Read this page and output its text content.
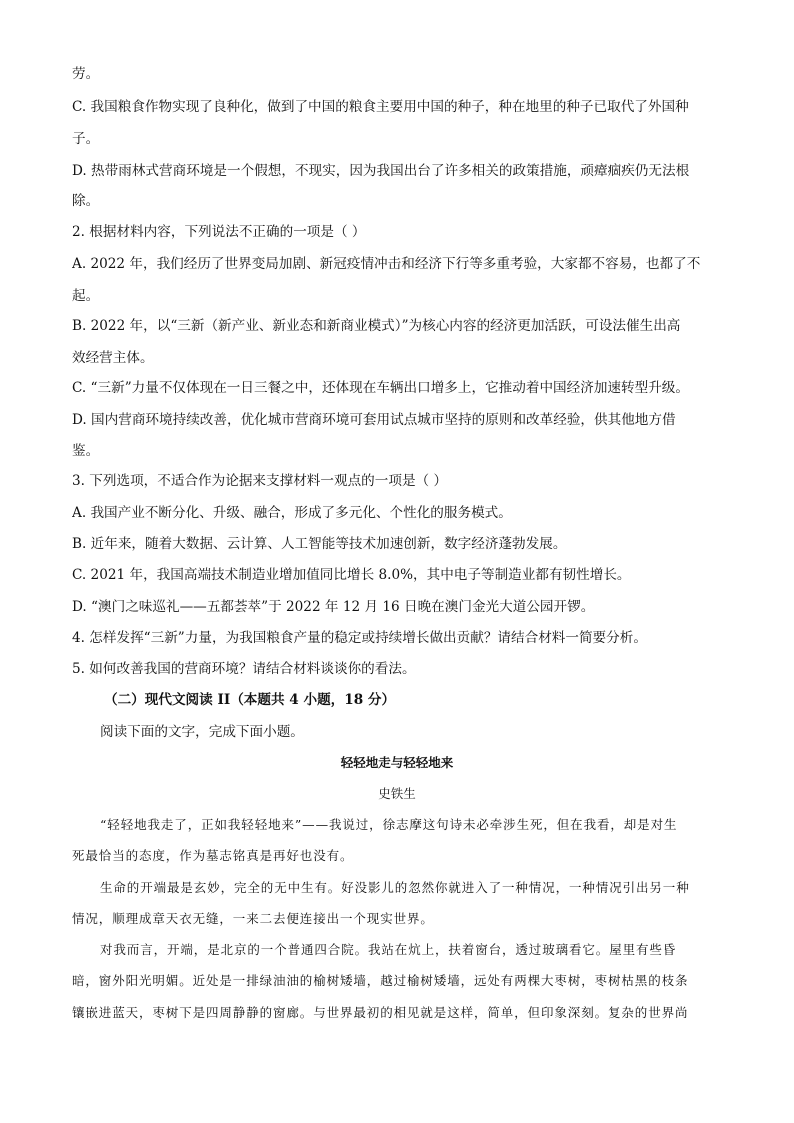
劳。
C. 我国粮食作物实现了良种化，做到了中国的粮食主要用中国的种子，种在地里的种子已取代了外国种
子。
D. 热带雨林式营商环境是一个假想，不现实，因为我国出台了许多相关的政策措施，顽瘴痼疾仍无法根
除。
2. 根据材料内容，下列说法不正确的一项是（ ）
A. 2022 年，我们经历了世界变局加剧、新冠疫情冲击和经济下行等多重考验，大家都不容易，也都了不
起。
B. 2022 年，以“三新（新产业、新业态和新商业模式）”为核心内容的经济更加活跃，可设法催生出高
效经营主体。
C. “三新”力量不仅体现在一日三餐之中，还体现在车辆出口增多上，它推动着中国经济加速转型升级。
D. 国内营商环境持续改善，优化城市营商环境可套用试点城市坚持的原则和改革经验，供其他地方借
鉴。
3. 下列选项，不适合作为论据来支撑材料一观点的一项是（ ）
A. 我国产业不断分化、升级、融合，形成了多元化、个性化的服务模式。
B. 近年来，随着大数据、云计算、人工智能等技术加速创新，数字经济蓬勃发展。
C. 2021 年，我国高端技术制造业增加值同比增长 8.0%，其中电子等制造业都有韧性增长。
D. “澳门之味巡礼——五都荟萃”于 2022 年 12 月 16 日晚在澳门金光大道公园开锣。
4. 怎样发挥“三新”力量，为我国粮食产量的稳定或持续增长做出贡献？请结合材料一简要分析。
5. 如何改善我国的营商环境？请结合材料谈谈你的看法。
（二）现代文阅读 II（本题共 4 小题，18 分）
阅读下面的文字，完成下面小题。
轻轻地走与轻轻地来
史铁生
“轻轻地我走了，正如我轻轻地来”——我说过，徐志摩这句诗未必牵涉生死，但在我看，却是对生
死最恰当的态度，作为墓志铭真是再好也没有。
生命的开端最是玄妙，完全的无中生有。好没影儿的忽然你就进入了一种情况，一种情况引出另一种
情况，顺理成章天衣无缝，一来二去便连接出一个现实世界。
对我而言，开端，是北京的一个普通四合院。我站在炕上，扶着窗台，透过玻璃看它。屋里有些昏
暗，窗外阳光明媚。近处是一排绿油油的榆树矮墙，越过榆树矮墙，远处有两棵大枣树，枣树枯黑的枝条
镶嵌进蓝天，枣树下是四周静静的窗廊。与世界最初的相见就是这样，简单，但印象深刻。复杂的世界尚
